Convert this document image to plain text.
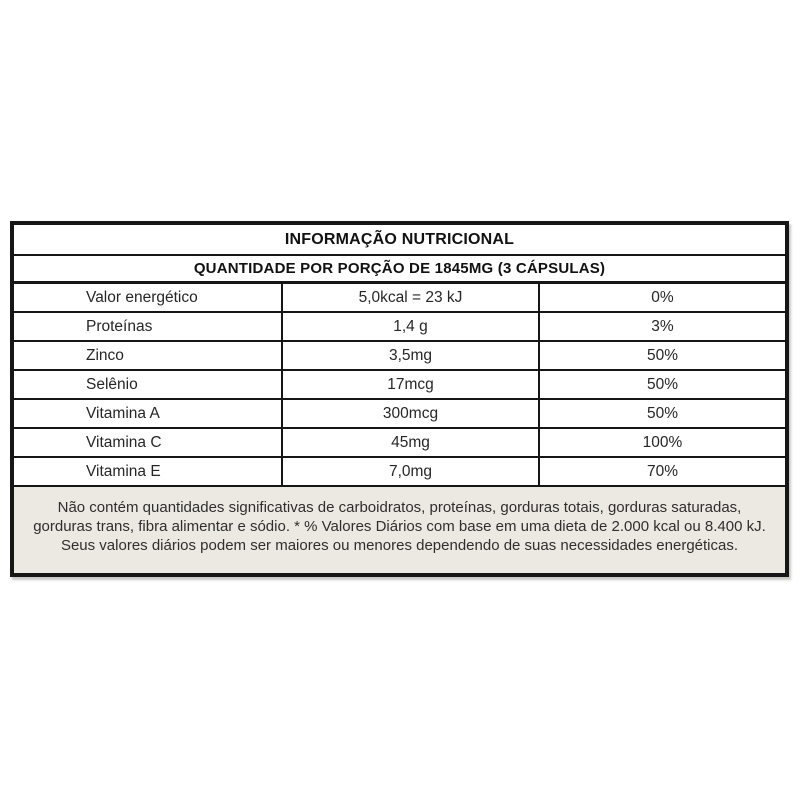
INFORMAÇÃO NUTRICIONAL
QUANTIDADE POR PORÇÃO DE 1845MG (3 CÁPSULAS)
Valor energético	5,0kcal = 23 kJ	0%
Proteínas	1,4 g	3%
Zinco	3,5mg	50%
Selênio	17mcg	50%
Vitamina A	300mcg	50%
Vitamina C	45mg	100%
Vitamina E	7,0mg	70%
Não contém quantidades significativas de carboidratos, proteínas, gorduras totais, gorduras saturadas, gorduras trans, fibra alimentar e sódio. * % Valores Diários com base em uma dieta de 2.000 kcal ou 8.400 kJ. Seus valores diários podem ser maiores ou menores dependendo de suas necessidades energéticas.
